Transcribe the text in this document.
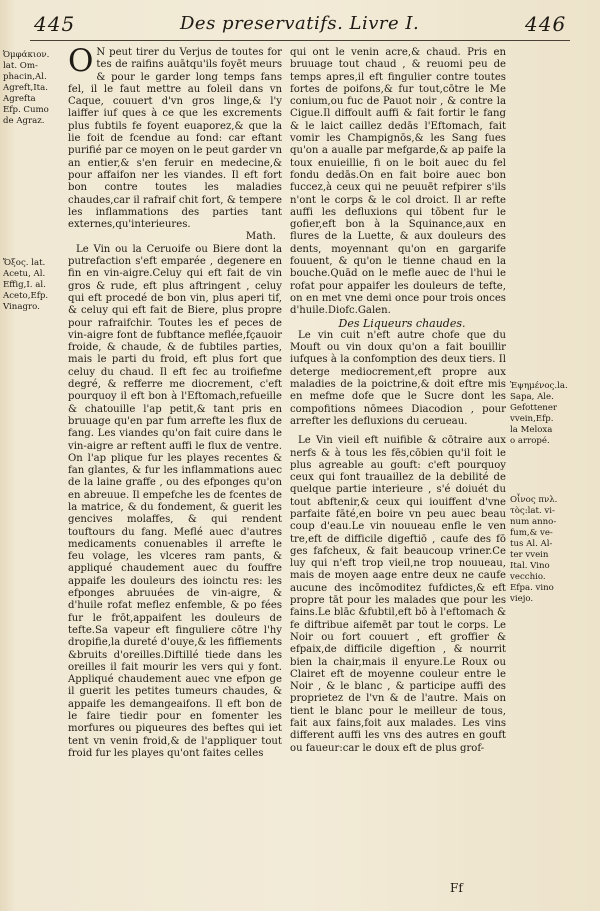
445	Des preservatifs. Livre I.	446
Ὀμφάκιον.
lat. Om-
phacin,Al.
Agreft,Ita.
Agrefta
Efp. Cumo
de Agraz.
Ὄξος. lat.
Acetu, Al.
Effig,I. al.
Aceto,Efp.
Vinagro.

O N peut tirer du Verjus de toutes for tes de raifins auātqu'ils foyēt meurs & pour le garder long temps fans fel, il le faut mettre au foleil dans vn Caque, couuert d'vn gros linge,& l'y laiffer iuf ques à ce que les excrements plus fubtils fe foyent euaporez,& que la lie foit de fcendue au fond: car eftant purifié par ce moyen on le peut garder vn an entier,& s'en feruir en medecine,& pour affaifon ner les viandes. Il eft fort bon contre toutes les maladies chaudes,car il rafraif chit fort, & tempere les inflammations des parties tant externes,qu'interieures.

Math.

Le Vin ou la Ceruoife ou Biere dont la putrefaction s'eft emparée , degenere en fin en vin-aigre.Celuy qui eft fait de vin gros & rude, eft plus aftringent , celuy qui eft procedé de bon vin, plus aperi tif, & celuy qui eft fait de Biere, plus propre pour rafraifchir. Toutes les ef peces de vin-aigre font de fubftance meflée,fçauoir froide, & chaude, & de fubtiles parties, mais le parti du froid, eft plus fort que celuy du chaud. Il eft fec au troifiefme degré, & refferre me diocrement, c'eft pourquoy il eft bon à l'Eftomach,refueille & chatouille l'ap petit,& tant pris en bruuage qu'en par fum arrefte les flux de fang. Les viandes qu'on fait cuire dans le vin-aigre ar reftent auffi le flux de ventre. On l'ap plique fur les playes recentes & fan glantes, & fur les inflammations auec de la laine graffe , ou des efponges qu'on en abreuue. Il empefche les de fcentes de la matrice, & du fondement, & guerit les gencives molaffes, & qui rendent touftours du fang. Meflé auec d'autres medicaments conuenables il arrefte le feu volage, les vlceres ram pants, & appliqué chaudement auec du fouffre appaife les douleurs des ioinctu res: les efponges abruuées de vin-aigre, & d'huile rofat meflez enfemble, & po fées fur le frōt,appaifent les douleurs de tefte.Sa vapeur eft finguliere cōtre l'hy dropifie,la dureté d'ouye,& les fiffiements &bruits d'oreilles.Diftillé tiede dans les oreilles il fait mourir les vers qui y font. Appliqué chaudement auec vne efpon ge il guerit les petites tumeurs chaudes, & appaife les demangeaifons. Il eft bon de le faire tiedir pour en fomenter les morfures ou piqueures des beftes qui iet tent vn venin froid,& de l'appliquer tout froid fur les playes qu'ont faites celles

qui ont le venin acre,& chaud. Pris en bruuage tout chaud , & reuomi peu de temps apres,il eft fingulier contre toutes fortes de poifons,& fur tout,cōtre le Me conium,ou fuc de Pauot noir , & contre la Cigue.Il diffoult auffi & fait fortir le fang & le laict caillez dedās l'Eftomach, fait vomir les Champignōs,& les Sang fues qu'on a aualle par mefgarde,& ap paife la toux enuieillie, fi on le boit auec du fel fondu dedās.On en fait boire auec bon fuccez,à ceux qui ne peuuēt refpirer s'ils n'ont le corps & le col droict. Il ar refte auffi les defluxions qui tōbent fur le gofier,eft bon à la Squinance,aux en flures de la Luette, & aux douleurs des dents, moyennant qu'on en gargarife fouuent, & qu'on le tienne chaud en la bouche.Quād on le mefle auec de l'hui le rofat pour appaifer les douleurs de tefte, on en met vne demi once pour trois onces d'huile.Diofc.Galen.

Des Liqueurs chaudes.

Le vin cuit n'eft autre chofe que du Mouft ou vin doux qu'on a fait bouillir iufques à la confomption des deux tiers. Il deterge mediocrement,eft propre aux maladies de la poictrine,& doit eftre mis en mefme dofe que le Sucre dont les compofitions nōmees Diacodion , pour arrefter les defluxions du cerueau.

Le Vin vieil eft nuifible & cōtraire aux nerfs & à tous les fēs,cōbien qu'il foit le plus agreable au gouft: c'eft pourquoy ceux qui font trauaillez de la debilité de quelque partie interieure , s'é doiuét du tout abftenir,& ceux qui iouiffent d'vne parfaite fāté,en boire vn peu auec beau coup d'eau.Le vin nouueau enfle le ven tre,eft de difficile digeftiō , caufe des fō ges fafcheux, & fait beaucoup vriner.Ce luy qui n'eft trop vieil,ne trop nouueau, mais de moyen aage entre deux ne caufe aucune des incōmoditez fufdictes,& eft propre tāt pour les malades que pour les fains.Le blāc &fubtil,eft bō à l'eftomach & fe diftribue aifemēt par tout le corps. Le Noir ou fort couuert , eft groffier & efpaix,de difficile digeftion , & nourrit bien la chair,mais il enyure.Le Roux ou Clairet eft de moyenne couleur entre le Noir , & le blanc , & participe auffi des proprietez de l'vn & de l'autre. Mais on tient le blanc pour le meilleur de tous, fait aux fains,foit aux malades. Les vins different auffi les vns des autres en gouft ou faueur:car le doux eft de plus grof-

Ἑψημένος.la.
Sapa, Ale.
Gefottener
vvein,Efp.
la Meloxa
o arropé.
Οἶνος πνλ.
τὸς:lat. vi-
num anno-
fum,& ve-
tus Al. Al-
ter vvein
Ital. Vino
vecchio.
Efpa. vino
viejo.
Ff
